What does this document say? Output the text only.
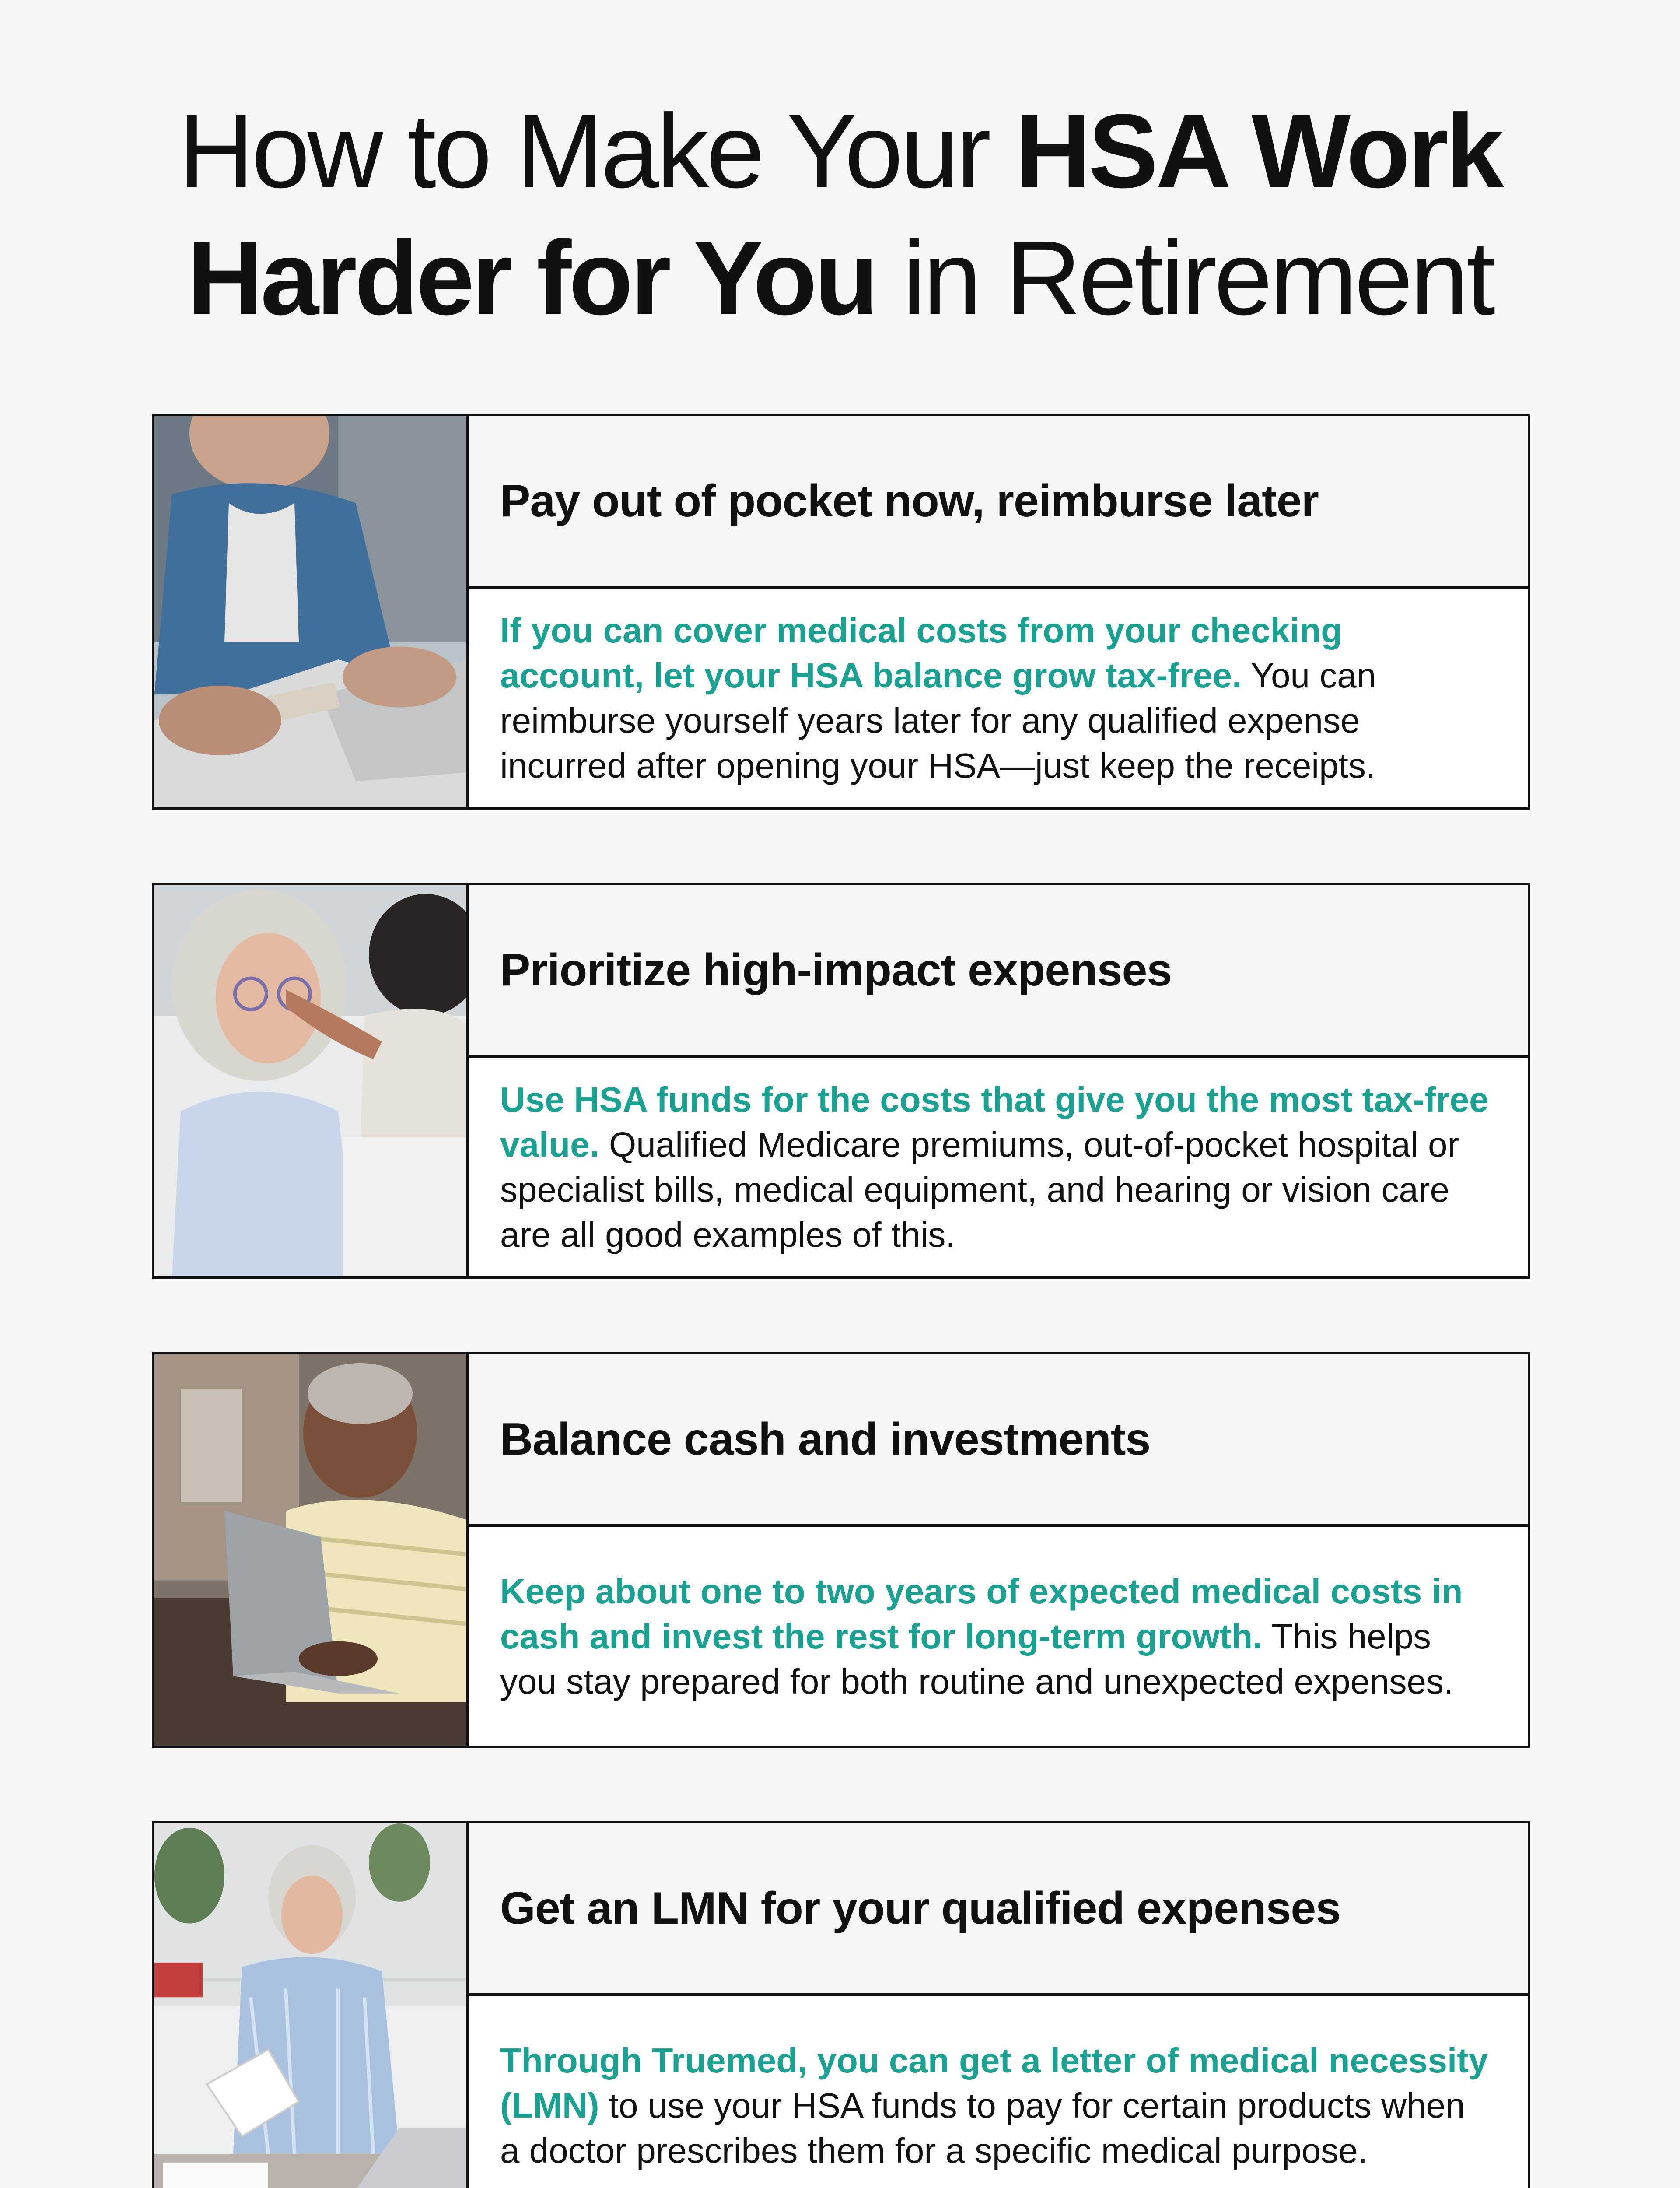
How to Make Your HSA Work
Harder for You in Retirement
Pay out of pocket now, reimburse later

If you can cover medical costs from your checking account, let your HSA balance grow tax-free. You can reimburse yourself years later for any qualified expense incurred after opening your HSA—just keep the receipts.

Prioritize high-impact expenses

Use HSA funds for the costs that give you the most tax-free value. Qualified Medicare premiums, out-of-pocket hospital or specialist bills, medical equipment, and hearing or vision care are all good examples of this.

Balance cash and investments

Keep about one to two years of expected medical costs in cash and invest the rest for long-term growth. This helps you stay prepared for both routine and unexpected expenses.

Get an LMN for your qualified expenses

Through Truemed, you can get a letter of medical necessity (LMN) to use your HSA funds to pay for certain products when a doctor prescribes them for a specific medical purpose.
